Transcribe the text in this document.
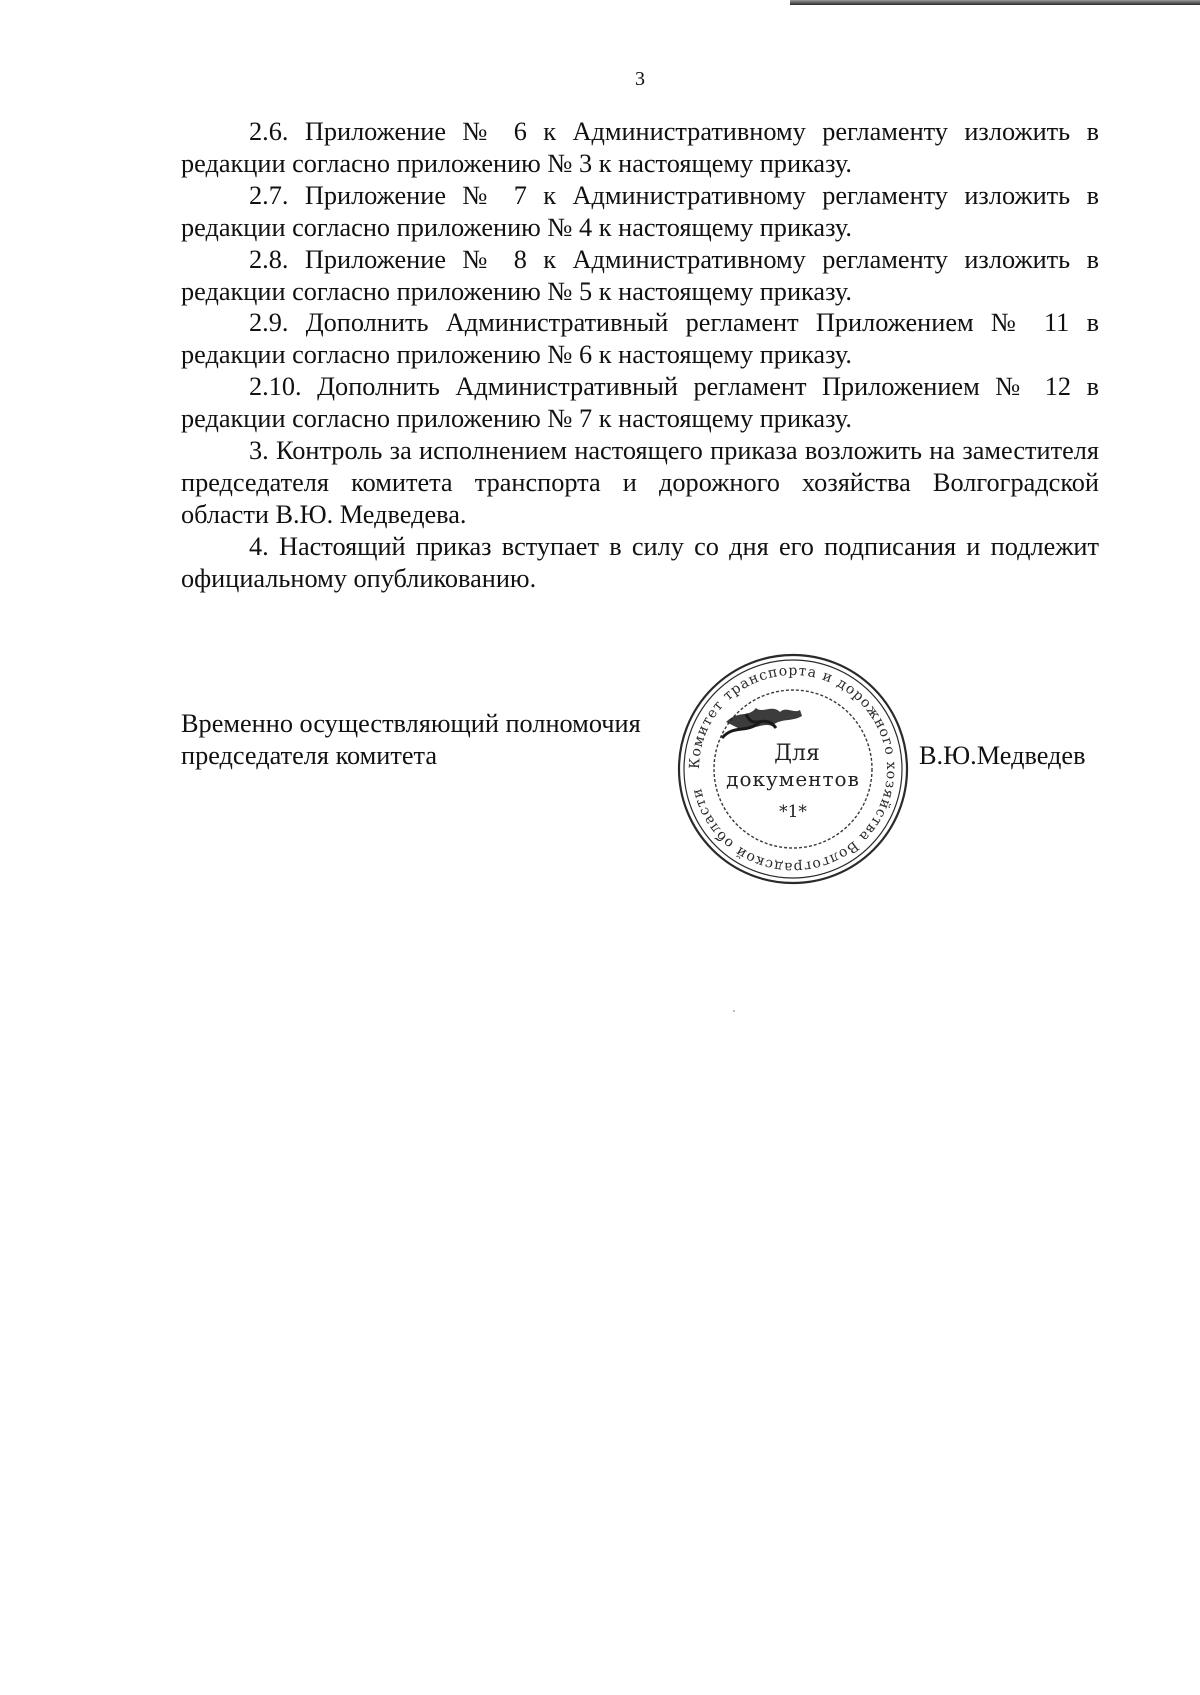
3

2.6. Приложение № 6 к Административному регламенту изложить в редакции согласно приложению № 3 к настоящему приказу.

2.7. Приложение № 7 к Административному регламенту изложить в редакции согласно приложению № 4 к настоящему приказу.

2.8. Приложение № 8 к Административному регламенту изложить в редакции согласно приложению № 5 к настоящему приказу.

2.9. Дополнить Административный регламент Приложением № 11 в редакции согласно приложению № 6 к настоящему приказу.

2.10. Дополнить Административный регламент Приложением № 12 в редакции согласно приложению № 7 к настоящему приказу.

3. Контроль за исполнением настоящего приказа возложить на заместителя председателя комитета транспорта и дорожного хозяйства Волгоградской области В.Ю. Медведева.

4. Настоящий приказ вступает в силу со дня его подписания и подлежит официальному опубликованию.

Временно осуществляющий полномочия
председателя комитета	Комитет транспорта и дорожного хозяйства Волгоградской области
Для
документов
*1*
В.Ю.Медведев
